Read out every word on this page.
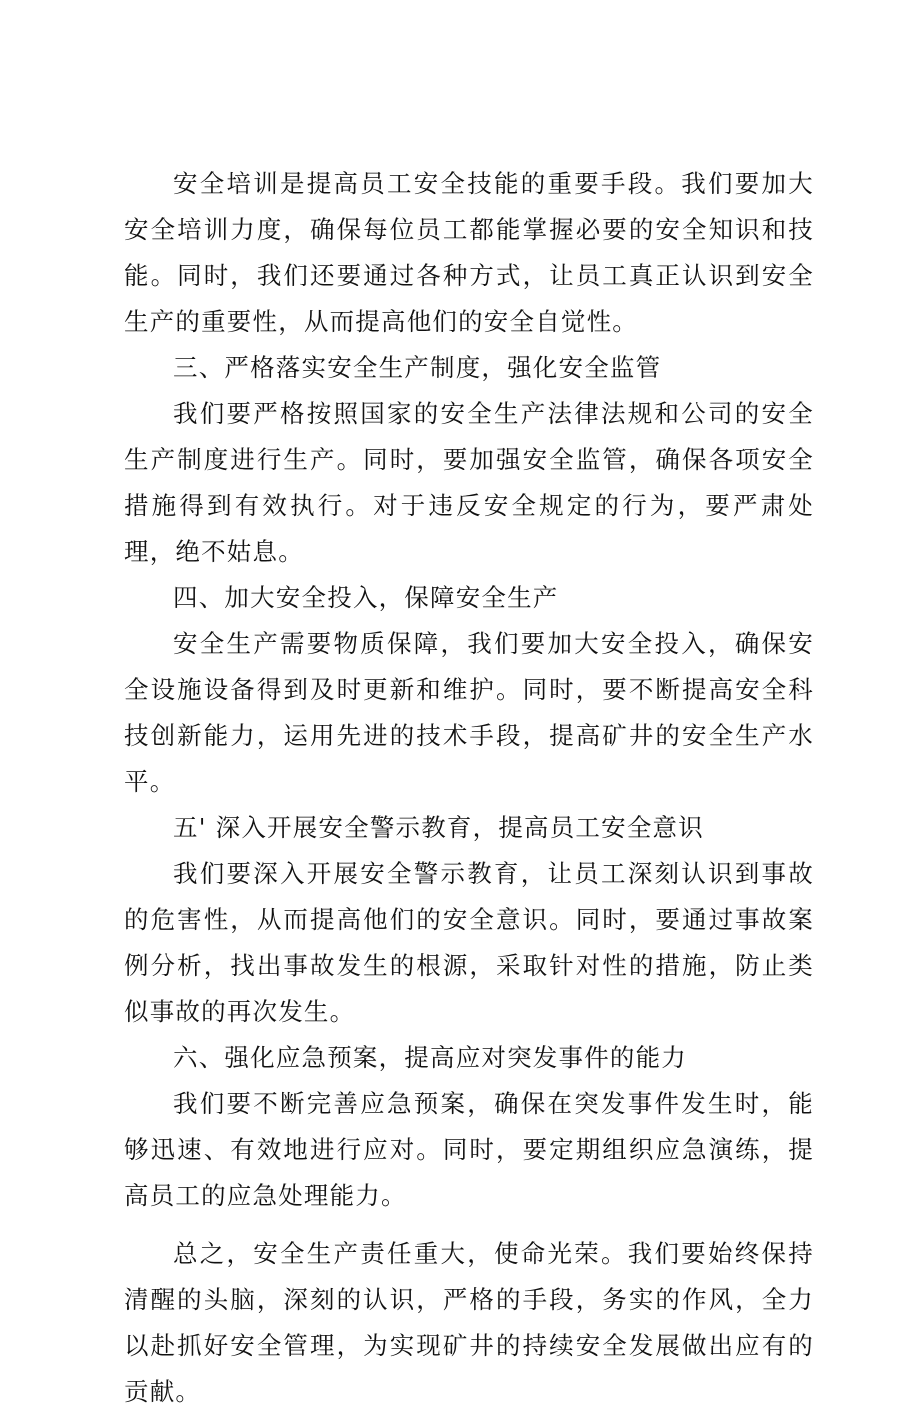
安全培训是提高员工安全技能的重要手段。我们要加大安全培训力度，确保每位员工都能掌握必要的安全知识和技能。同时，我们还要通过各种方式，让员工真正认识到安全生产的重要性，从而提高他们的安全自觉性。

三、严格落实安全生产制度，强化安全监管

我们要严格按照国家的安全生产法律法规和公司的安全生产制度进行生产。同时，要加强安全监管，确保各项安全措施得到有效执行。对于违反安全规定的行为，要严肃处理，绝不姑息。

四、加大安全投入，保障安全生产

安全生产需要物质保障，我们要加大安全投入，确保安全设施设备得到及时更新和维护。同时，要不断提高安全科技创新能力，运用先进的技术手段，提高矿井的安全生产水平。

五' 深入开展安全警示教育，提高员工安全意识

我们要深入开展安全警示教育，让员工深刻认识到事故的危害性，从而提高他们的安全意识。同时，要通过事故案例分析，找出事故发生的根源，采取针对性的措施，防止类似事故的再次发生。

六、强化应急预案，提高应对突发事件的能力

我们要不断完善应急预案，确保在突发事件发生时，能够迅速、有效地进行应对。同时，要定期组织应急演练，提高员工的应急处理能力。

总之，安全生产责任重大，使命光荣。我们要始终保持清醒的头脑，深刻的认识，严格的手段，务实的作风，全力以赴抓好安全管理，为实现矿井的持续安全发展做出应有的贡献。
